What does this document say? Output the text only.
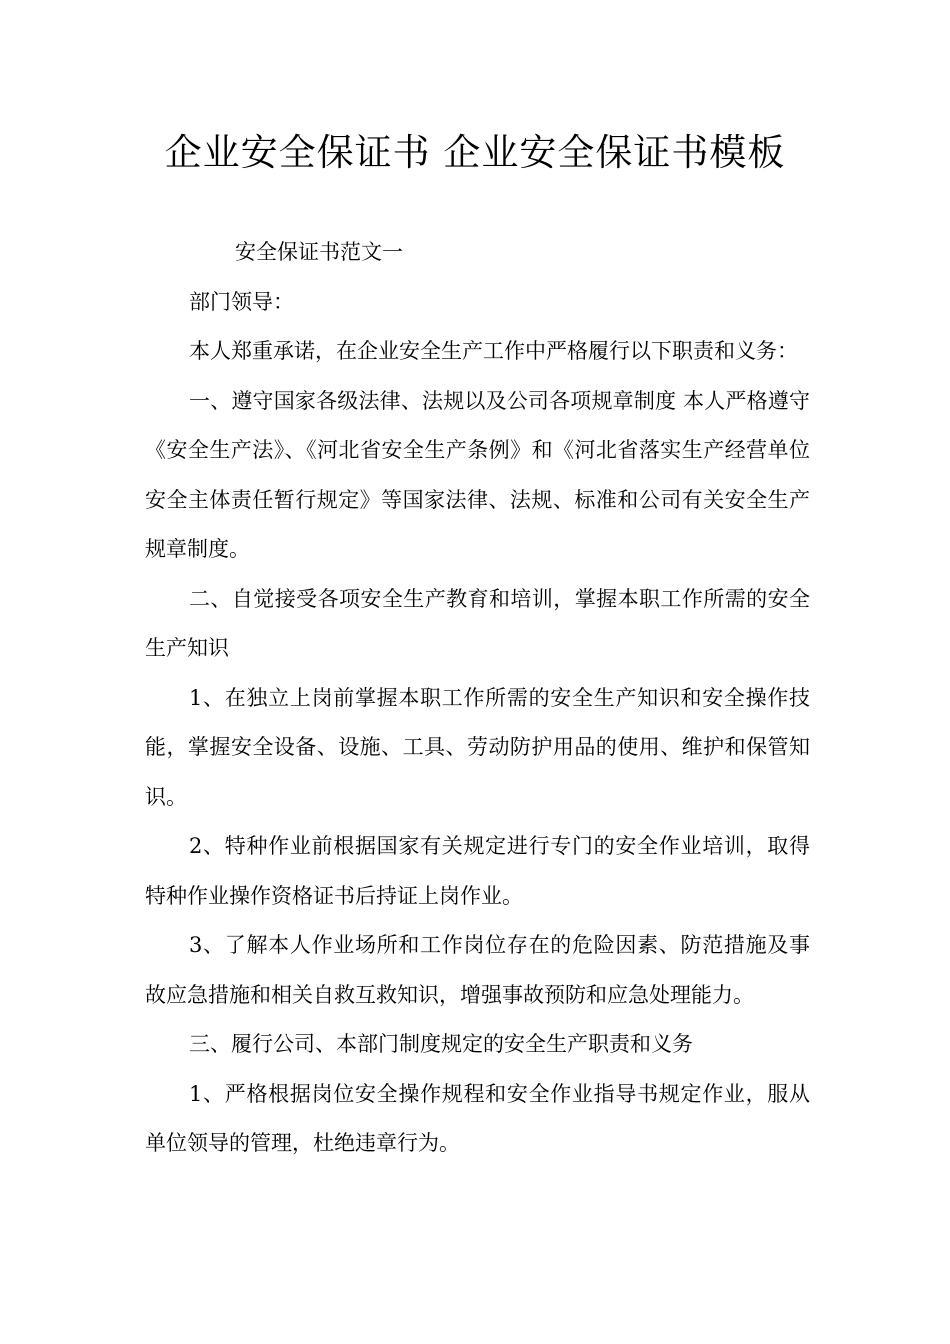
企业安全保证书 企业安全保证书模板

安全保证书范文一

部门领导：

本人郑重承诺，在企业安全生产工作中严格履行以下职责和义务：

一、遵守国家各级法律、法规以及公司各项规章制度 本人严格遵守《安全生产法》、《河北省安全生产条例》和《河北省落实生产经营单位安全主体责任暂行规定》等国家法律、法规、标准和公司有关安全生产规章制度。

二、自觉接受各项安全生产教育和培训，掌握本职工作所需的安全生产知识

1、在独立上岗前掌握本职工作所需的安全生产知识和安全操作技能，掌握安全设备、设施、工具、劳动防护用品的使用、维护和保管知识。

2、特种作业前根据国家有关规定进行专门的安全作业培训，取得特种作业操作资格证书后持证上岗作业。

3、了解本人作业场所和工作岗位存在的危险因素、防范措施及事故应急措施和相关自救互救知识，增强事故预防和应急处理能力。

三、履行公司、本部门制度规定的安全生产职责和义务

1、严格根据岗位安全操作规程和安全作业指导书规定作业，服从单位领导的管理，杜绝违章行为。
